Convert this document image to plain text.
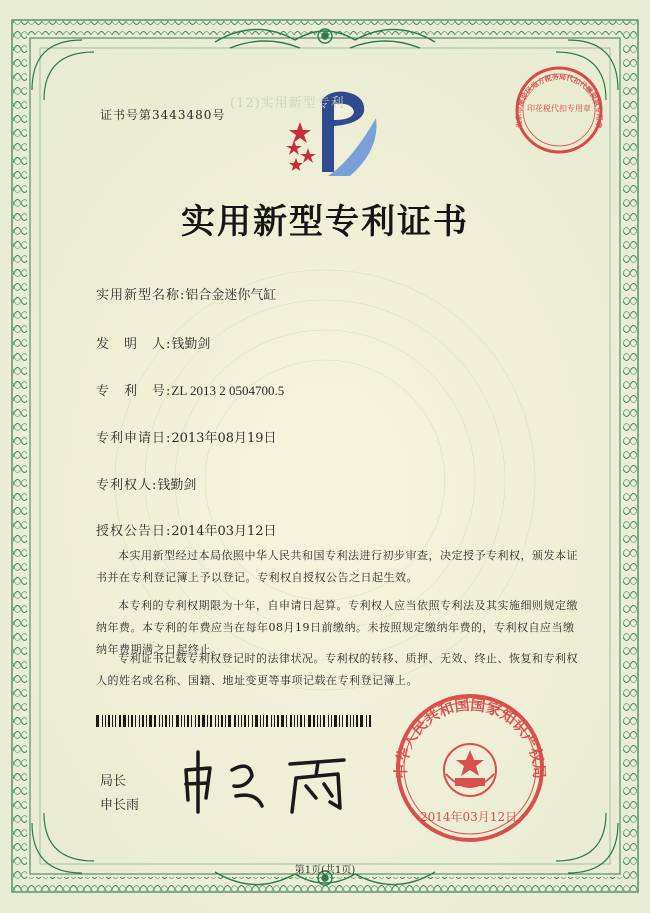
中华人民共和国国家知识产权局
北京市海淀区地方税务局代扣代缴税款专用章
证书号第3443480号
(12)实用新型专利
实用新型专利证书
实用新型名称:铝合金迷你气缸
发　明　人:钱勤剑
专　利　号:ZL 2013 2 0504700.5
专利申请日:2013年08月19日
专利权人:钱勤剑
授权公告日:2014年03月12日
本实用新型经过本局依照中华人民共和国专利法进行初步审查，决定授予专利权，颁发本证书并在专利登记簿上予以登记。专利权自授权公告之日起生效。
本专利的专利权期限为十年，自申请日起算。专利权人应当依照专利法及其实施细则规定缴纳年费。本专利的年费应当在每年08月19日前缴纳。未按照规定缴纳年费的，专利权自应当缴纳年费期满之日起终止。
专利证书记载专利权登记时的法律状况。专利权的转移、质押、无效、终止、恢复和专利权人的姓名或名称、国籍、地址变更等事项记载在专利登记簿上。
局长
申长雨
2014年03月12日
印花税代扣专用章
第1页(共1页)
